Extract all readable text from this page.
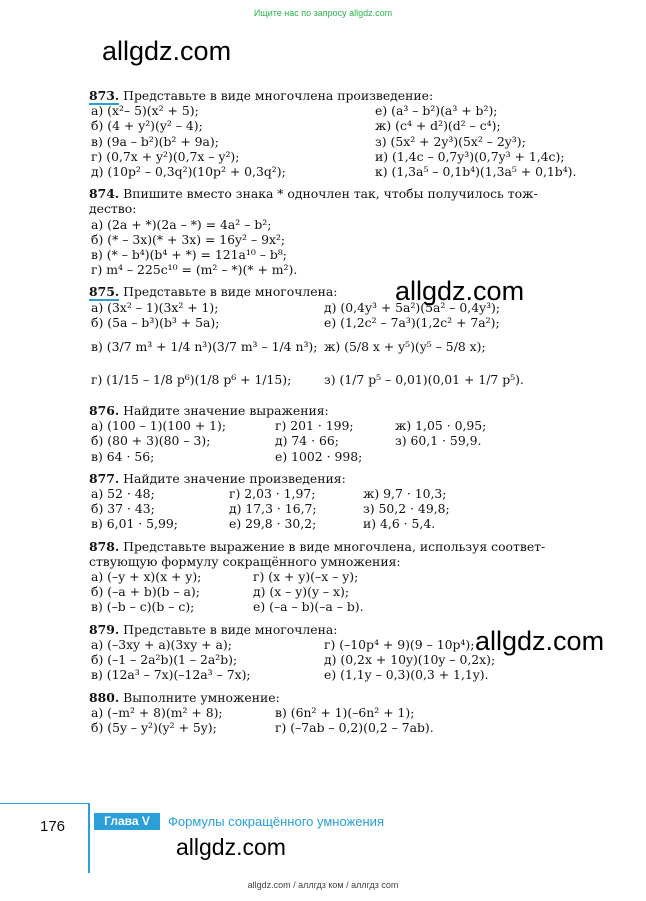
Ищите нас по запросу allgdz.com
allgdz.com
allgdz.com
allgdz.com
allgdz.com
873. Представьте в виде многочлена произведение:
а) (x²– 5)(x² + 5);	е) (a³ – b²)(a³ + b²);
б) (4 + y²)(y² – 4);	ж) (c⁴ + d²)(d² – c⁴);
в) (9a – b²)(b² + 9a);	з) (5x² + 2y³)(5x² – 2y³);
г) (0,7x + y²)(0,7x – y²);	и) (1,4c – 0,7y³)(0,7y³ + 1,4c);
д) (10p² – 0,3q²)(10p² + 0,3q²);	к) (1,3a⁵ – 0,1b⁴)(1,3a⁵ + 0,1b⁴).
874. Впишите вместо знака * одночлен так, чтобы получилось тож-
дество:
а) (2a + *)(2a – *) = 4a² – b²;
б) (* – 3x)(* + 3x) = 16y² – 9x²;
в) (* – b⁴)(b⁴ + *) = 121a¹⁰ – b⁸;
г) m⁴ – 225c¹⁰ = (m² – *)(* + m²).
875. Представьте в виде многочлена:
а) (3x² – 1)(3x² + 1);	д) (0,4y³ + 5a²)(5a² – 0,4y³);
б) (5a – b³)(b³ + 5a);	е) (1,2c² – 7a³)(1,2c² + 7a²);
в) (3/7 m³ + 1/4 n³)(3/7 m³ – 1/4 n³); ж) (5/8 x + y⁵)(y⁵ – 5/8 x);
г) (1/15 – 1/8 p⁶)(1/8 p⁶ + 1/15);	з) (1/7 p⁵ – 0,01)(0,01 + 1/7 p⁵).
876. Найдите значение выражения:
а) (100 – 1)(100 + 1);	г) 201 · 199;	ж) 1,05 · 0,95;
б) (80 + 3)(80 – 3);	д) 74 · 66;	з) 60,1 · 59,9.
в) 64 · 56;	е) 1002 · 998;
877. Найдите значение произведения:
а) 52 · 48;	г) 2,03 · 1,97;	ж) 9,7 · 10,3;
б) 37 · 43;	д) 17,3 · 16,7;	з) 50,2 · 49,8;
в) 6,01 · 5,99;	е) 29,8 · 30,2;	и) 4,6 · 5,4.
878. Представьте выражение в виде многочлена, используя соответ-
ствующую формулу сокращённого умножения:
а) (–y + x)(x + y);	г) (x + y)(–x – y);
б) (–a + b)(b – a);	д) (x – y)(y – x);
в) (–b – c)(b – c);	е) (–a – b)(–a – b).
879. Представьте в виде многочлена:
а) (–3xy + a)(3xy + a);	г) (–10p⁴ + 9)(9 – 10p⁴);
б) (–1 – 2a²b)(1 – 2a²b);	д) (0,2x + 10y)(10y – 0,2x);
в) (12a³ – 7x)(–12a³ – 7x);	е) (1,1y – 0,3)(0,3 + 1,1y).
880. Выполните умножение:
а) (–m² + 8)(m² + 8);	в) (6n² + 1)(–6n² + 1);
б) (5y – y²)(y² + 5y);	г) (–7ab – 0,2)(0,2 – 7ab).
176	Глава V	Формулы сокращённого умножения
allgdz.com / аллгдз ком / аллгдз com
